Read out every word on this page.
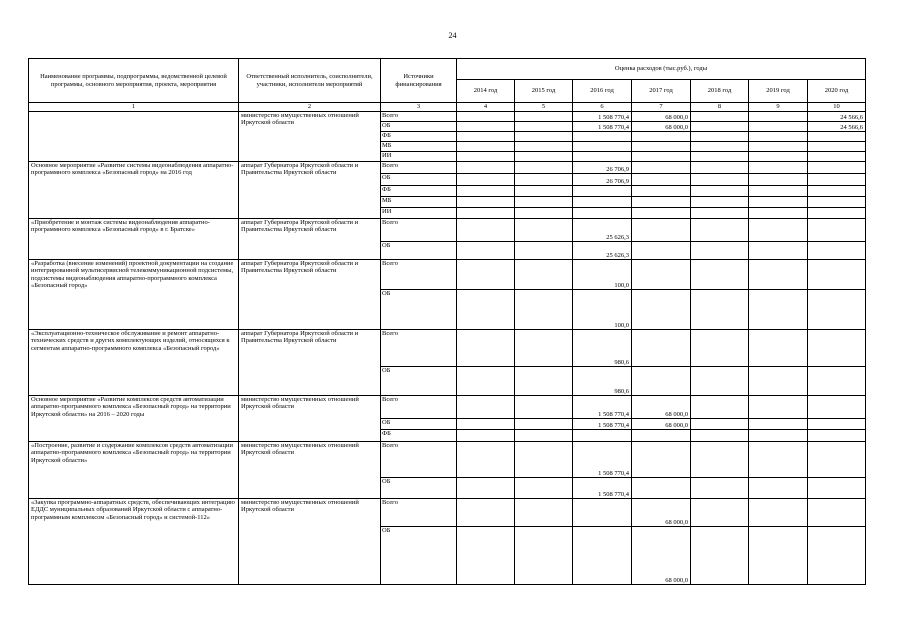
24
Наименование программы, подпрограммы, ведомственной целевой программы, основного мероприятия, проекта, мероприятия	Ответственный исполнитель, соисполнители, участники, исполнители мероприятий	Источники финансирования	Оценка расходов (тыс.руб.), годы						
			2014 год	2015 год	2016 год	2017 год	2018 год	2019 год	2020 год
1	2	3	4	5	6	7	8	9	10
	министерство имущественных отношений Иркутской области	Всего			1 508 770,4	68 000,0			24 566,6
		ОБ			1 508 770,4	68 000,0			24 566,6
		ФБ							
		МБ							
		ИИ							
Основное мероприятие «Развитие системы видеонаблюдения аппаратно-программного комплекса «Безопасный город» на 2016 год	аппарат Губернатора Иркутской области и Правительства Иркутской области	Всего			26 706,9				
		ОБ			26 706,9				
		ФБ							
		МБ							
		ИИ							
«Приобретение и монтаж системы видеонаблюдения аппаратно-программного комплекса «Безопасный город» в г. Братске»	аппарат Губернатора Иркутской области и Правительства Иркутской области	Всего			25 626,3				
		ОБ			25 626,3				
«Разработка (внесение изменений) проектной документации на создание интегрированной мультисервисной телекоммуникационной подсистемы, подсистемы видеонаблюдения аппаратно-программного комплекса «Безопасный город»	аппарат Губернатора Иркутской области и Правительства Иркутской области	Всего			100,0				
		ОБ			100,0				
«Эксплуатационно-техническое обслуживание и ремонт аппаратно-технических средств и других комплектующих изделий, относящихся к сегментам аппаратно-программного комплекса «Безопасный город»	аппарат Губернатора Иркутской области и Правительства Иркутской области	Всего			980,6				
		ОБ			980,6				
Основное мероприятие «Развитие комплексов средств автоматизации аппаратно-программного комплекса «Безопасный город» на территории Иркутской области» на 2016 – 2020 годы	министерство имущественных отношений Иркутской области	Всего			1 508 770,4	68 000,0			
		ОБ			1 508 770,4	68 000,0			
		ФБ							
«Построение, развитие и содержание комплексов средств автоматизации аппаратно-программного комплекса «Безопасный город» на территории Иркутской области»	министерство имущественных отношений Иркутской области	Всего			1 508 770,4				
		ОБ			1 508 770,4				
«Закупка программно-аппаратных средств, обеспечивающих интеграцию ЕДДС муниципальных образований Иркутской области с аппаратно-программным комплексом «Безопасный город» и системой-112»	министерство имущественных отношений Иркутской области	Всего				68 000,0			
		ОБ				68 000,0			
